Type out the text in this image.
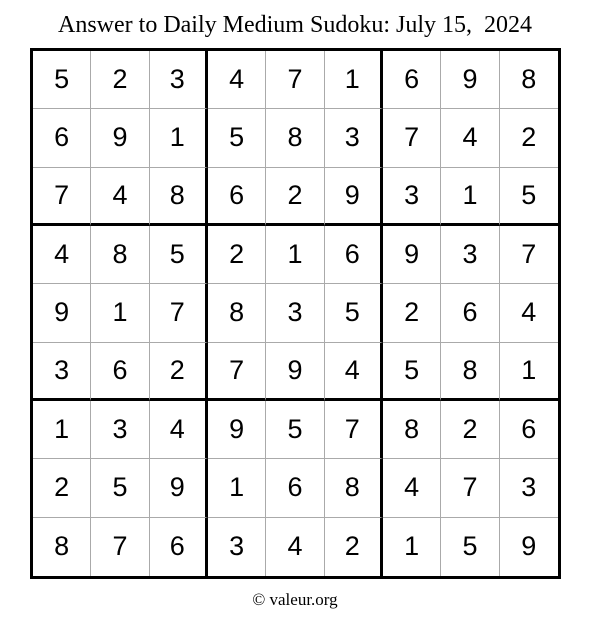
Answer to Daily Medium Sudoku: July 15,  2024
5	2	3	4	7	1	6	9	8
6	9	1	5	8	3	7	4	2
7	4	8	6	2	9	3	1	5
4	8	5	2	1	6	9	3	7
9	1	7	8	3	5	2	6	4
3	6	2	7	9	4	5	8	1
1	3	4	9	5	7	8	2	6
2	5	9	1	6	8	4	7	3
8	7	6	3	4	2	1	5	9
© valeur.org
